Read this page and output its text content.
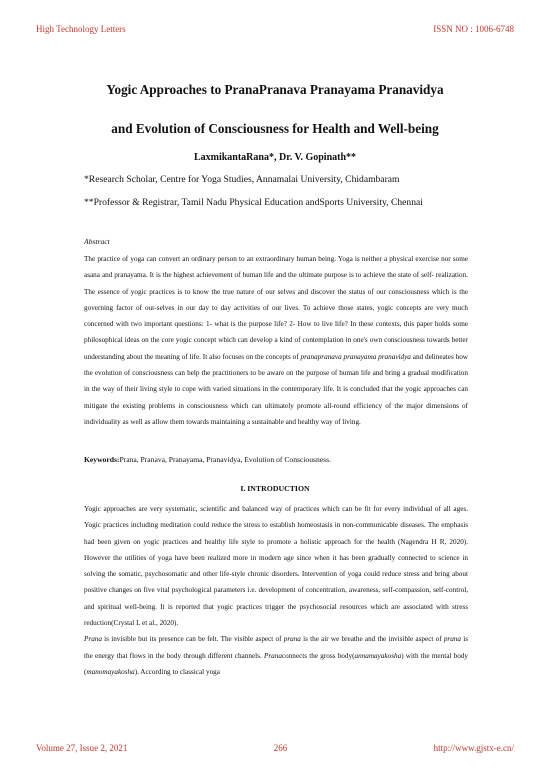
High Technology Letters	ISSN NO : 1006-6748
Yogic Approaches to PranaPranava Pranayama Pranavidya
and Evolution of Consciousness for Health and Well-being
LaxmikantaRana*, Dr. V. Gopinath**
*Research Scholar, Centre for Yoga Studies, Annamalai University, Chidambaram
**Professor & Registrar, Tamil Nadu Physical Education andSports University, Chennai
Abstract
The practice of yoga can convert an ordinary person to an extraordinary human being. Yoga is neither a physical exercise nor some asana and pranayama. It is the highest achievement of human life and the ultimate purpose is to achieve the state of self- realization. The essence of yogic practices is to know the true nature of our selves and discover the status of our consciousness which is the governing factor of our-selves in our day to day activities of our lives. To achieve those states, yogic concepts are very much concerned with two important questions: 1- what is the purpose life? 2- How to live life? In these contexts, this paper holds some philosophical ideas on the core yogic concept which can develop a kind of contemplation in one's own consciousness towards better understanding about the meaning of life. It also focuses on the concepts of pranapranava pranayama pranavidya and delineates how the evolution of consciousness can help the practitioners to be aware on the purpose of human life and bring a gradual modification in the way of their living style to cope with varied situations in the contemporary life. It is concluded that the yogic approaches can mitigate the existing problems in consciousness which can ultimately promote all-round efficiency of the major dimensions of individuality as well as allow them towards maintaining a sustainable and healthy way of living.
Keywords:Prana, Pranava, Pranayama, Pranavidya, Evolution of Consciousness.
I. INTRODUCTION
Yogic approaches are very systematic, scientific and balanced way of practices which can be fit for every individual of all ages. Yogic practices including meditation could reduce the stress to establish homeostasis in non-communicable diseases. The emphasis had been given on yogic practices and healthy life style to promote a holistic approach for the health (Nagendra H R, 2020). However the utilities of yoga have been realized more in modern age since when it has been gradually connected to science in solving the somatic, psychosomatic and other life-style chronic disorders. Intervention of yoga could reduce stress and bring about positive changes on five vital psychological parameters i.e. development of concentration, awareness, self-compassion, self-control, and spiritual well-being. It is reported that yogic practices trigger the psychosocial resources which are associated with stress reduction(Crystal L et al., 2020).
Prana is invisible but its presence can be felt. The visible aspect of prana is the air we breathe and the invisible aspect of prana is the energy that flows in the body through different channels. Pranaconnects the gross body(annamayakosha) with the mental body (manomayakosha). According to classical yoga
Volume 27, Issue 2, 2021	266	http://www.gjstx-e.cn/
